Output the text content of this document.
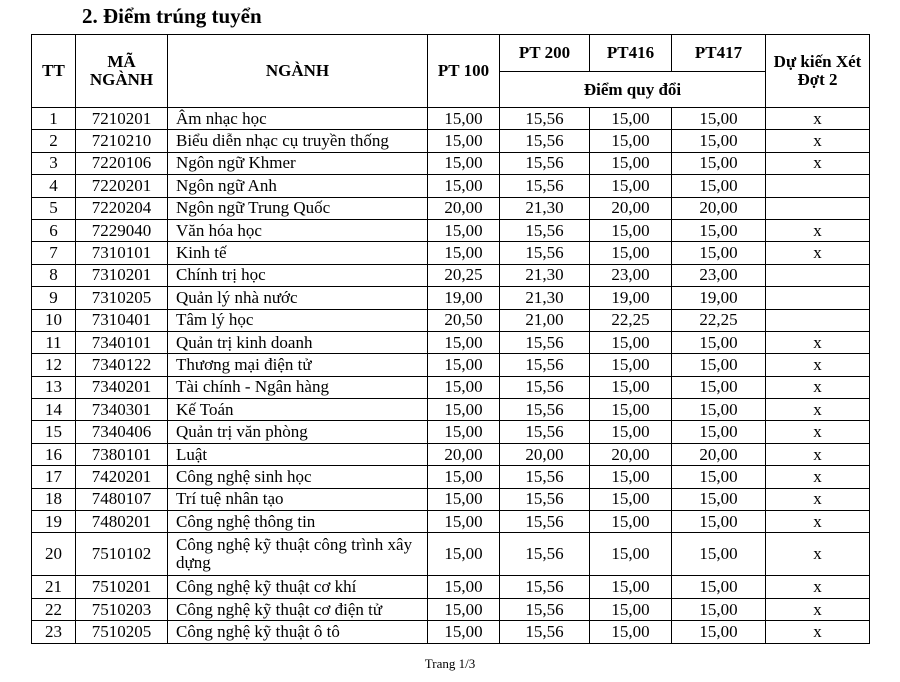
2. Điểm trúng tuyển
TT	MÃ NGÀNH	NGÀNH	PT 100	PT 200	PT416	PT417	Dự kiến Xét Đợt 2
				Điểm quy đổi			
1	7210201	Âm nhạc học	15,00	15,56	15,00	15,00	x
2	7210210	Biểu diễn nhạc cụ truyền thống	15,00	15,56	15,00	15,00	x
3	7220106	Ngôn ngữ Khmer	15,00	15,56	15,00	15,00	x
4	7220201	Ngôn ngữ Anh	15,00	15,56	15,00	15,00	
5	7220204	Ngôn ngữ Trung Quốc	20,00	21,30	20,00	20,00	
6	7229040	Văn hóa học	15,00	15,56	15,00	15,00	x
7	7310101	Kinh tế	15,00	15,56	15,00	15,00	x
8	7310201	Chính trị học	20,25	21,30	23,00	23,00	
9	7310205	Quản lý nhà nước	19,00	21,30	19,00	19,00	
10	7310401	Tâm lý học	20,50	21,00	22,25	22,25	
11	7340101	Quản trị kinh doanh	15,00	15,56	15,00	15,00	x
12	7340122	Thương mại điện tử	15,00	15,56	15,00	15,00	x
13	7340201	Tài chính - Ngân hàng	15,00	15,56	15,00	15,00	x
14	7340301	Kế Toán	15,00	15,56	15,00	15,00	x
15	7340406	Quản trị văn phòng	15,00	15,56	15,00	15,00	x
16	7380101	Luật	20,00	20,00	20,00	20,00	x
17	7420201	Công nghệ sinh học	15,00	15,56	15,00	15,00	x
18	7480107	Trí tuệ nhân tạo	15,00	15,56	15,00	15,00	x
19	7480201	Công nghệ thông tin	15,00	15,56	15,00	15,00	x
20	7510102	Công nghệ kỹ thuật công trình xây dựng	15,00	15,56	15,00	15,00	x
21	7510201	Công nghệ kỹ thuật cơ khí	15,00	15,56	15,00	15,00	x
22	7510203	Công nghệ kỹ thuật cơ điện tử	15,00	15,56	15,00	15,00	x
23	7510205	Công nghệ kỹ thuật ô tô	15,00	15,56	15,00	15,00	x
Trang 1/3
